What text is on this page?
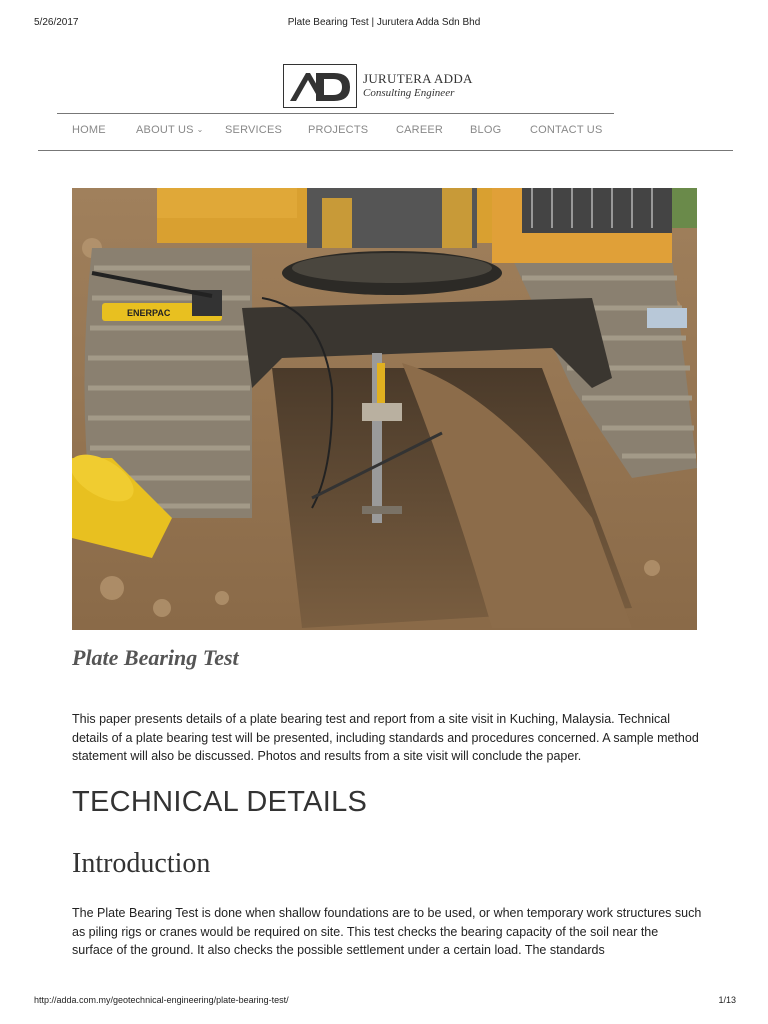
5/26/2017	Plate Bearing Test | Jurutera Adda Sdn Bhd
JURUTERA ADDA
Consulting Engineer
HOME	ABOUT US ⌄ SERVICES PROJECTS	CAREER BLOG	CONTACT US
ENERPAC
Plate Bearing Test

This paper presents details of a plate bearing test and report from a site visit in Kuching, Malaysia. Technical details of a plate bearing test will be presented, including standards and procedures concerned. A sample method statement will also be discussed. Photos and results from a site visit will conclude the paper.

TECHNICAL DETAILS
Introduction

The Plate Bearing Test is done when shallow foundations are to be used, or when temporary work structures such as piling rigs or cranes would be required on site. This test checks the bearing capacity of the soil near the surface of the ground. It also checks the possible settlement under a certain load. The standards

http://adda.com.my/geotechnical-engineering/plate-bearing-test/	1/13
